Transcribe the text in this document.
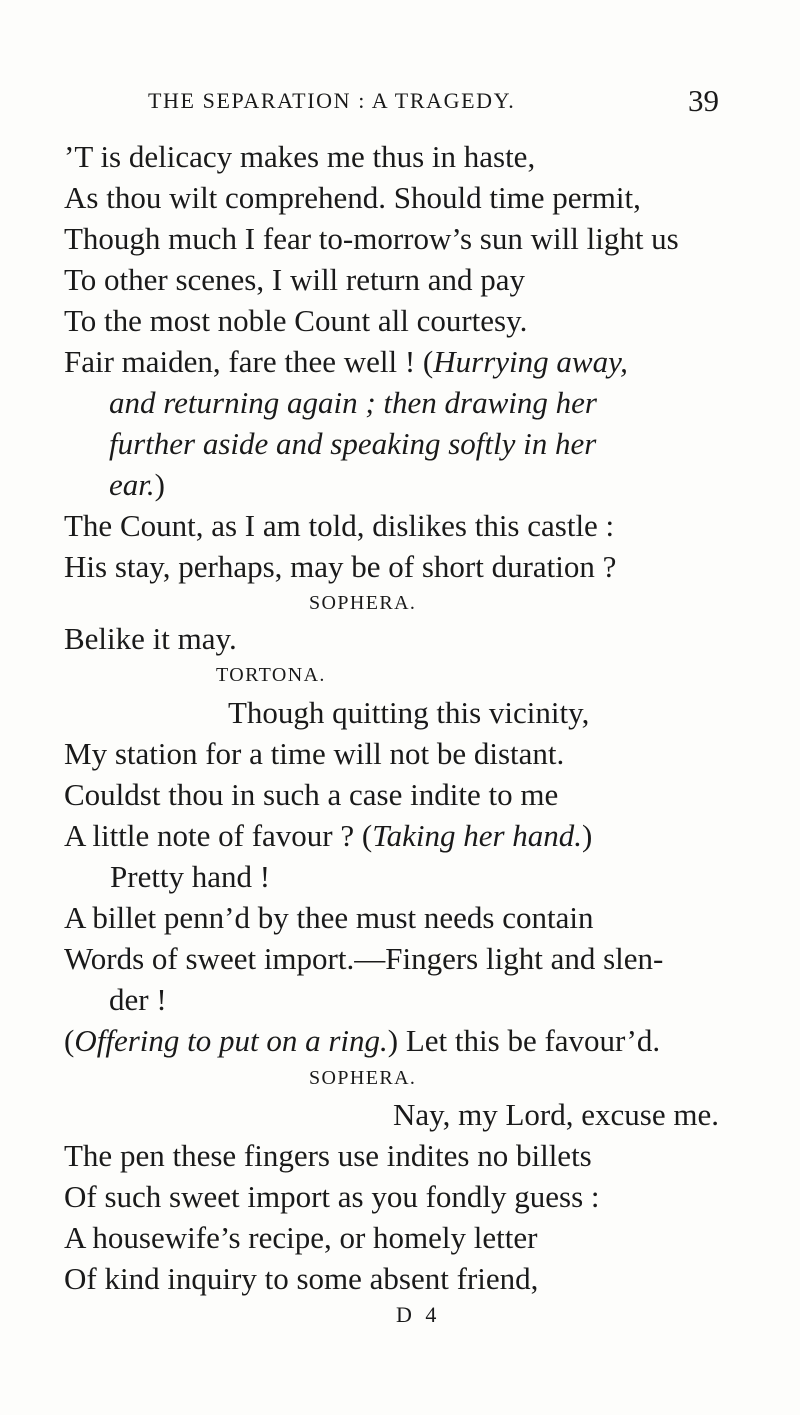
THE SEPARATION : A TRAGEDY.	39
’T is delicacy makes me thus in haste,
As thou wilt comprehend. Should time permit,
Though much I fear to-morrow’s sun will light us
To other scenes, I will return and pay
To the most noble Count all courtesy.
Fair maiden, fare thee well ! (Hurrying away,
and returning again ; then drawing her
further aside and speaking softly in her
ear.)
The Count, as I am told, dislikes this castle :
His stay, perhaps, may be of short duration ?
SOPHERA.
Belike it may.
TORTONA.
Though quitting this vicinity,
My station for a time will not be distant.
Couldst thou in such a case indite to me
A little note of favour ? (Taking her hand.)
Pretty hand !
A billet penn’d by thee must needs contain
Words of sweet import.—Fingers light and slen-
der !
(Offering to put on a ring.) Let this be favour’d.
SOPHERA.
Nay, my Lord, excuse me.
The pen these fingers use indites no billets
Of such sweet import as you fondly guess :
A housewife’s recipe, or homely letter
Of kind inquiry to some absent friend,
D 4
